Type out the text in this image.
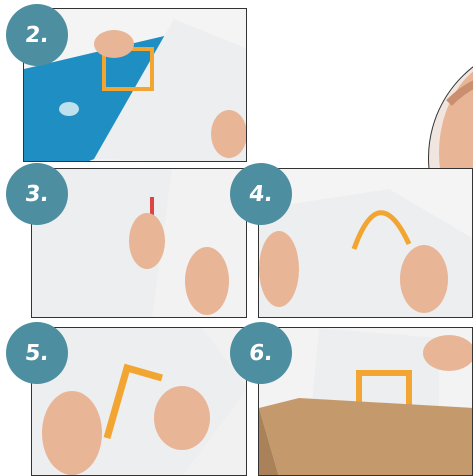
2.
3.	4.
5.	6.
